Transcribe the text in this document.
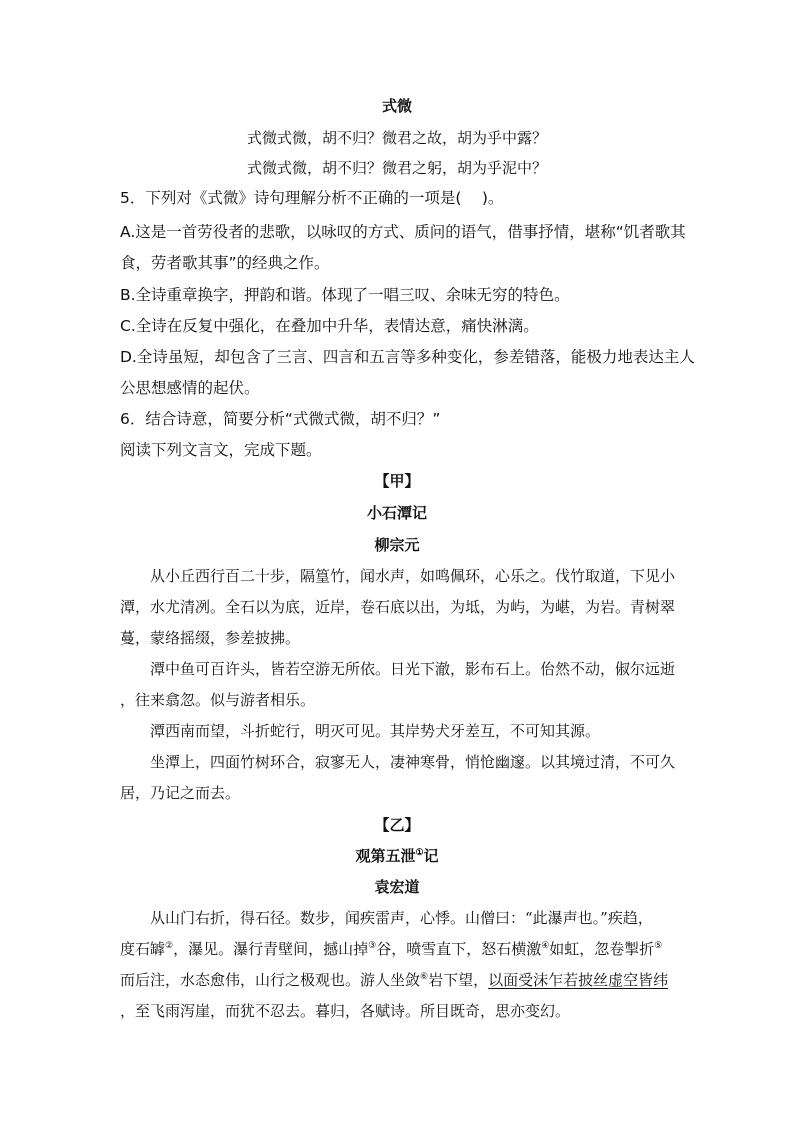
式微
式微式微，胡不归？微君之故，胡为乎中露？
式微式微，胡不归？微君之躬，胡为乎泥中？
5．下列对《式微》诗句理解分析不正确的一项是(　 )。
A.这是一首劳役者的悲歌，以咏叹的方式、质问的语气，借事抒情，堪称“饥者歌其
食，劳者歌其事”的经典之作。
B.全诗重章换字，押韵和谐。体现了一唱三叹、余味无穷的特色。
C.全诗在反复中强化，在叠加中升华，表情达意，痛快淋漓。
D.全诗虽短，却包含了三言、四言和五言等多种变化，参差错落，能极力地表达主人
公思想感情的起伏。
6．结合诗意，简要分析“式微式微，胡不归？”
阅读下列文言文，完成下题。
【甲】
小石潭记
柳宗元
从小丘西行百二十步，隔篁竹，闻水声，如鸣佩环，心乐之。伐竹取道，下见小
潭，水尤清冽。全石以为底，近岸，卷石底以出，为坻，为屿，为嵁，为岩。青树翠
蔓，蒙络摇缀，参差披拂。
潭中鱼可百许头，皆若空游无所依。日光下澈，影布石上。佁然不动，俶尔远逝
，往来翕忽。似与游者相乐。
潭西南而望，斗折蛇行，明灭可见。其岸势犬牙差互，不可知其源。
坐潭上，四面竹树环合，寂寥无人，凄神寒骨，悄怆幽邃。以其境过清，不可久
居，乃记之而去。
【乙】
观第五泄①记
袁宏道
从山门右折，得石径。数步，闻疾雷声，心悸。山僧曰：“此瀑声也。”疾趋，
度石罅②，瀑见。瀑行青壁间，撼山掉③谷，喷雪直下，怒石横激④如虹，忽卷掣折⑤
而后注，水态愈伟，山行之极观也。游人坐敛⑥岩下望，以面受沫乍若披丝虚空皆纬
，至飞雨泻崖，而犹不忍去。暮归，各赋诗。所目既奇，思亦变幻。
